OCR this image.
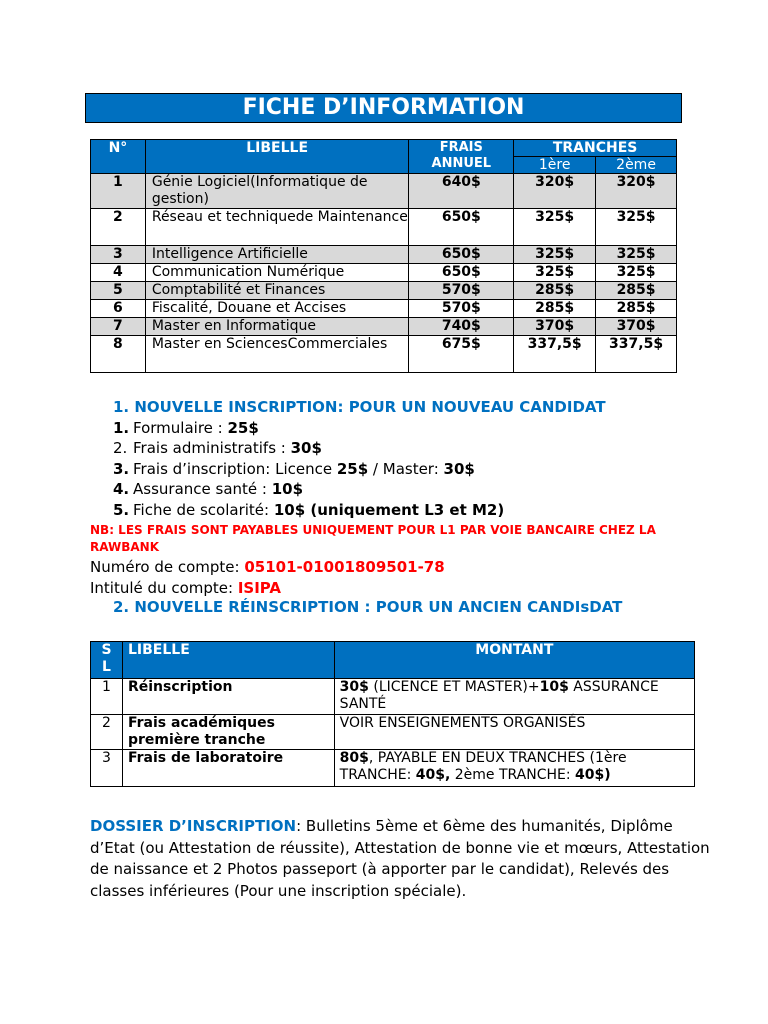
FICHE D’INFORMATION
N°	LIBELLE	FRAIS ANNUEL	TRANCHES	
			1ère	2ème
1	Génie Logiciel(Informatique de gestion)	640$	320$	320$
2	Réseau et techniquede Maintenance	650$	325$	325$
3	Intelligence Artificielle	650$	325$	325$
4	Communication Numérique	650$	325$	325$
5	Comptabilité et Finances	570$	285$	285$
6	Fiscalité, Douane et Accises	570$	285$	285$
7	Master en Informatique	740$	370$	370$
8	Master en SciencesCommerciales	675$	337,5$	337,5$
1. NOUVELLE INSCRIPTION: POUR UN NOUVEAU CANDIDAT
1. Formulaire : 25$
2. Frais administratifs : 30$
3. Frais d’inscription: Licence 25$ / Master: 30$
4. Assurance santé : 10$
5. Fiche de scolarité: 10$ (uniquement L3 et M2)
NB: LES FRAIS SONT PAYABLES UNIQUEMENT POUR L1 PAR VOIE BANCAIRE CHEZ LA RAWBANK
Numéro de compte: 05101-01001809501-78
Intitulé du compte: ISIPA
2. NOUVELLE RÉINSCRIPTION : POUR UN ANCIEN CANDIsDAT
S L	LIBELLE	MONTANT
1	Réinscription	30$ (LICENCE ET MASTER)+10$ ASSURANCE SANTÉ
2	Frais académiques première tranche	VOIR ENSEIGNEMENTS ORGANISÉS
3	Frais de laboratoire	80$, PAYABLE EN DEUX TRANCHES (1ère TRANCHE: 40$, 2ème TRANCHE: 40$)
DOSSIER D’INSCRIPTION: Bulletins 5ème et 6ème des humanités, Diplôme d’Etat (ou Attestation de réussite), Attestation de bonne vie et mœurs, Attestation de naissance et 2 Photos passeport (à apporter par le candidat), Relevés des classes inférieures (Pour une inscription spéciale).
